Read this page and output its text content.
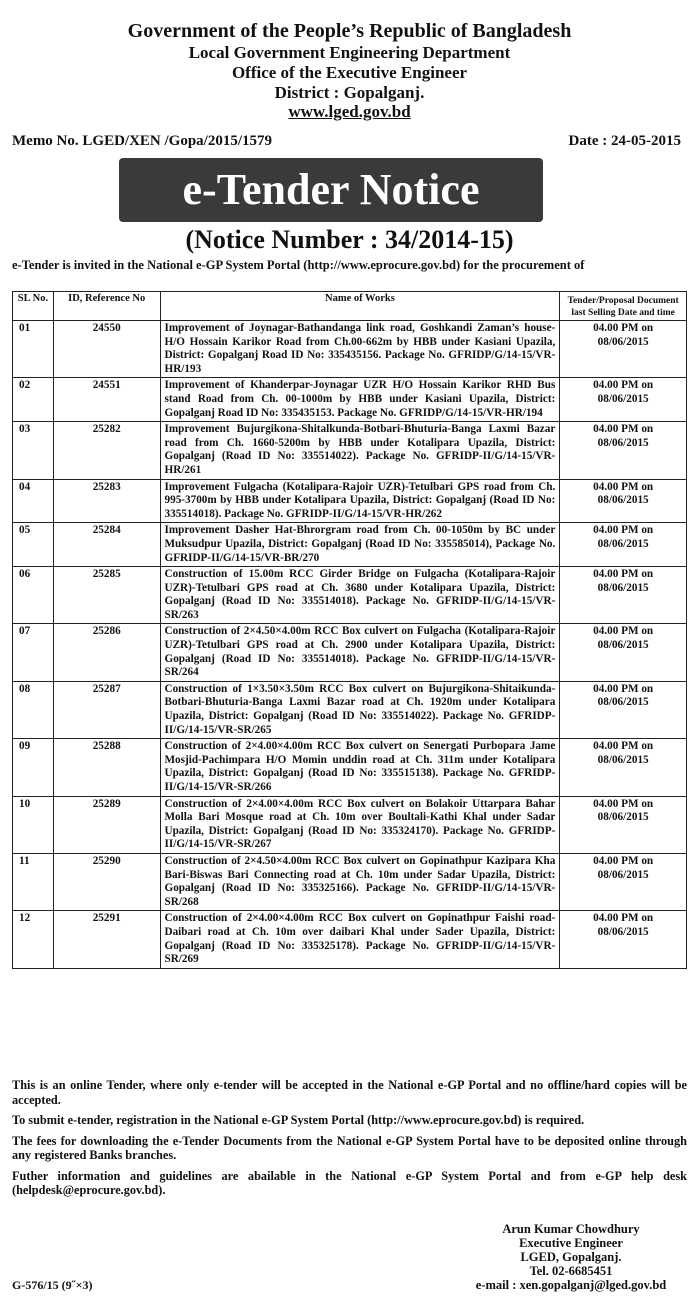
Government of the People’s Republic of Bangladesh
Local Government Engineering Department
Office of the Executive Engineer
District : Gopalganj.
www.lged.gov.bd
Memo No. LGED/XEN /Gopa/2015/1579	Date : 24-05-2015
e-Tender Notice
(Notice Number : 34/2014-15)
e-Tender is invited in the National e-GP System Portal (http://www.eprocure.gov.bd) for the procurement of
SL No.	ID, Reference No	Name of Works	Tender/Proposal Document last Selling Date and time
01	24550	Improvement of Joynagar-Bathandanga link road, Goshkandi Zaman’s house-H/O Hossain Karikor Road from Ch.00-662m by HBB under Kasiani Upazila, District: Gopalganj Road ID No: 335435156. Package No. GFRIDP/G/14-15/VR-HR/193	04.00 PM on
08/06/2015

02	24551	Improvement of Khanderpar-Joynagar UZR H/O Hossain Karikor RHD Bus stand Road from Ch. 00-1000m by HBB under Kasiani Upazila, District: Gopalganj Road ID No: 335435153. Package No. GFRIDP/G/14-15/VR-HR/194	04.00 PM on
08/06/2015

03	25282	Improvement Bujurgikona-Shitalkunda-Botbari-Bhuturia-Banga Laxmi Bazar road from Ch. 1660-5200m by HBB under Kotalipara Upazila, District: Gopalganj (Road ID No: 335514022). Package No. GFRIDP-II/G/14-15/VR-HR/261	04.00 PM on
08/06/2015

04	25283	Improvement Fulgacha (Kotalipara-Rajoir UZR)-Tetulbari GPS road from Ch. 995-3700m by HBB under Kotalipara Upazila, District: Gopalganj (Road ID No: 335514018). Package No. GFRIDP-II/G/14-15/VR-HR/262	04.00 PM on
08/06/2015

05	25284	Improvement Dasher Hat-Bhrorgram road from Ch. 00-1050m by BC under Muksudpur Upazila, District: Gopalganj (Road ID No: 335585014), Package No. GFRIDP-II/G/14-15/VR-BR/270	04.00 PM on
08/06/2015

06	25285	Construction of 15.00m RCC Girder Bridge on Fulgacha (Kotalipara-Rajoir UZR)-Tetulbari GPS road at Ch. 3680 under Kotalipara Upazila, District: Gopalganj (Road ID No: 335514018). Package No. GFRIDP-II/G/14-15/VR-SR/263	04.00 PM on
08/06/2015

07	25286	Construction of 2×4.50×4.00m RCC Box culvert on Fulgacha (Kotalipara-Rajoir UZR)-Tetulbari GPS road at Ch. 2900 under Kotalipara Upazila, District: Gopalganj (Road ID No: 335514018). Package No. GFRIDP-II/G/14-15/VR-SR/264	04.00 PM on
08/06/2015

08	25287	Construction of 1×3.50×3.50m RCC Box culvert on Bujurgikona-Shitaikunda-Botbari-Bhuturia-Banga Laxmi Bazar road at Ch. 1920m under Kotalipara Upazila, District: Gopalganj (Road ID No: 335514022). Package No. GFRIDP-II/G/14-15/VR-SR/265	04.00 PM on
08/06/2015

09	25288	Construction of 2×4.00×4.00m RCC Box culvert on Senergati Purbopara Jame Mosjid-Pachimpara H/O Momin unddin road at Ch. 311m under Kotalipara Upazila, District: Gopalganj (Road ID No: 335515138). Package No. GFRIDP-II/G/14-15/VR-SR/266	04.00 PM on
08/06/2015

10	25289	Construction of 2×4.00×4.00m RCC Box culvert on Bolakoir Uttarpara Bahar Molla Bari Mosque road at Ch. 10m over Boultali-Kathi Khal under Sadar Upazila, District: Gopalganj (Road ID No: 335324170). Package No. GFRIDP-II/G/14-15/VR-SR/267	04.00 PM on
08/06/2015

11	25290	Construction of 2×4.50×4.00m RCC Box culvert on Gopinathpur Kazipara Kha Bari-Biswas Bari Connecting road at Ch. 10m under Sadar Upazila, District: Gopalganj (Road ID No: 335325166). Package No. GFRIDP-II/G/14-15/VR-SR/268	04.00 PM on
08/06/2015

12	25291	Construction of 2×4.00×4.00m RCC Box culvert on Gopinathpur Faishi road-Daibari road at Ch. 10m over daibari Khal under Sader Upazila, District: Gopalganj (Road ID No: 335325178). Package No. GFRIDP-II/G/14-15/VR-SR/269	04.00 PM on
08/06/2015

This is an online Tender, where only e-tender will be accepted in the National e-GP Portal and no offline/hard copies will be accepted.

To submit e-tender, registration in the National e-GP System Portal (http://www.eprocure.gov.bd) is required.

The fees for downloading the e-Tender Documents from the National e-GP System Portal have to be deposited online through any registered Banks branches.

Futher information and guidelines are abailable in the National e-GP System Portal and from e-GP help desk (helpdesk@eprocure.gov.bd).

Arun Kumar Chowdhury
Executive Engineer
LGED, Gopalganj.
Tel. 02-6685451
e-mail : xen.gopalganj@lged.gov.bd
G-576/15 (9˝×3)
